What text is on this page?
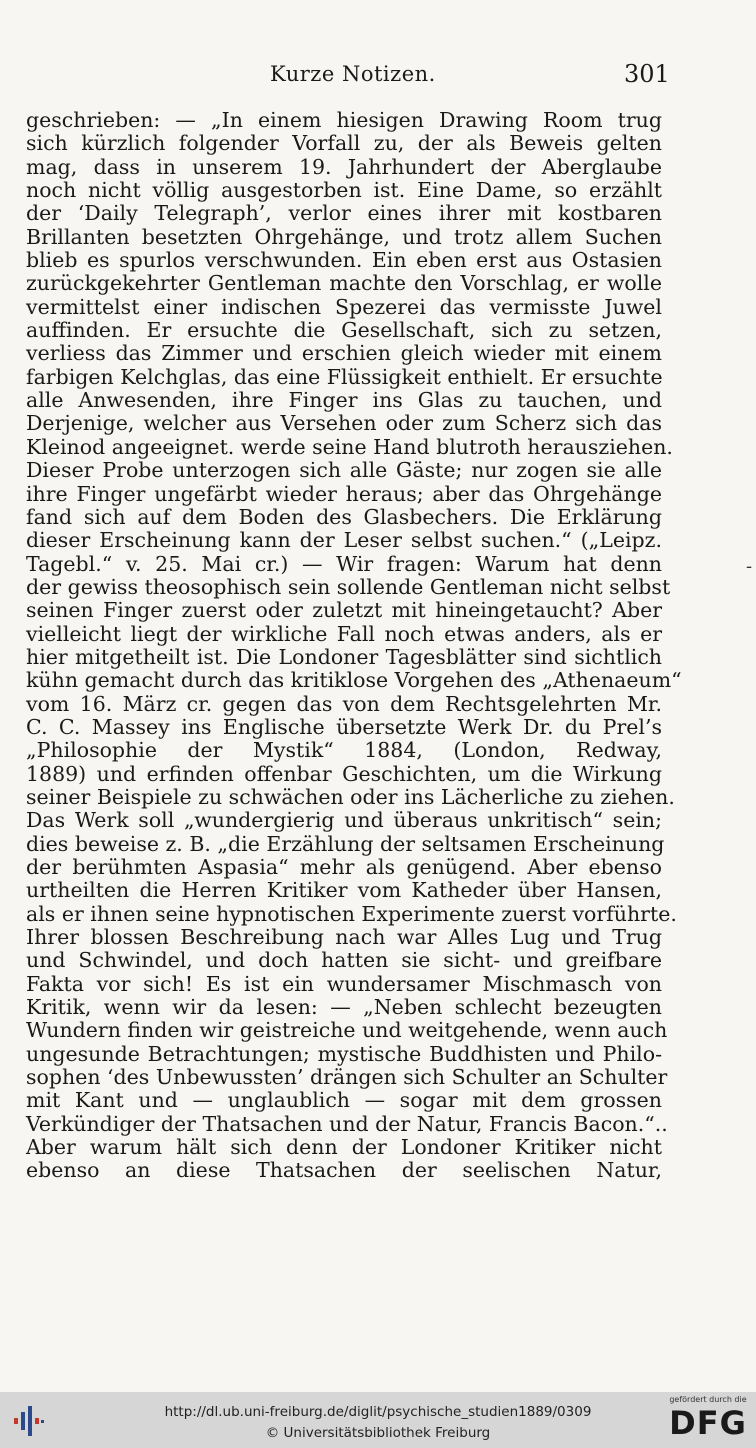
Kurze Notizen.	301
geschrieben: — „In einem hiesigen Drawing Room trug
sich kürzlich folgender Vorfall zu, der als Beweis gelten
mag, dass in unserem 19. Jahrhundert der Aberglaube
noch nicht völlig ausgestorben ist. Eine Dame, so erzählt
der ‘Daily Telegraph’, verlor eines ihrer mit kostbaren
Brillanten besetzten Ohrgehänge, und trotz allem Suchen
blieb es spurlos verschwunden. Ein eben erst aus Ostasien
zurückgekehrter Gentleman machte den Vorschlag, er wolle
vermittelst einer indischen Spezerei das vermisste Juwel
auffinden. Er ersuchte die Gesellschaft, sich zu setzen,
verliess das Zimmer und erschien gleich wieder mit einem
farbigen Kelchglas, das eine Flüssigkeit enthielt. Er ersuchte
alle Anwesenden, ihre Finger ins Glas zu tauchen, und
Derjenige, welcher aus Versehen oder zum Scherz sich das
Kleinod angeeignet. werde seine Hand blutroth herausziehen.
Dieser Probe unterzogen sich alle Gäste; nur zogen sie alle
ihre Finger ungefärbt wieder heraus; aber das Ohrgehänge
fand sich auf dem Boden des Glasbechers. Die Erklärung
dieser Erscheinung kann der Leser selbst suchen.“ („Leipz.
Tagebl.“ v. 25. Mai cr.) — Wir fragen: Warum hat denn
der gewiss theosophisch sein sollende Gentleman nicht selbst
seinen Finger zuerst oder zuletzt mit hineingetaucht? Aber
vielleicht liegt der wirkliche Fall noch etwas anders, als er
hier mitgetheilt ist. Die Londoner Tagesblätter sind sichtlich
kühn gemacht durch das kritiklose Vorgehen des „Athenaeum“
vom 16. März cr. gegen das von dem Rechtsgelehrten Mr.
C. C. Massey ins Englische übersetzte Werk Dr. du Prel’s
„Philosophie der Mystik“ 1884, (London, Redway,
1889) und erfinden offenbar Geschichten, um die Wirkung
seiner Beispiele zu schwächen oder ins Lächerliche zu ziehen.
Das Werk soll „wundergierig und überaus unkritisch“ sein;
dies beweise z. B. „die Erzählung der seltsamen Erscheinung
der berühmten Aspasia“ mehr als genügend. Aber ebenso
urtheilten die Herren Kritiker vom Katheder über Hansen,
als er ihnen seine hypnotischen Experimente zuerst vorführte.
Ihrer blossen Beschreibung nach war Alles Lug und Trug
und Schwindel, und doch hatten sie sicht- und greifbare
Fakta vor sich! Es ist ein wundersamer Mischmasch von
Kritik, wenn wir da lesen: — „Neben schlecht bezeugten
Wundern finden wir geistreiche und weitgehende, wenn auch
ungesunde Betrachtungen; mystische Buddhisten und Philo-
sophen ‘des Unbewussten’ drängen sich Schulter an Schulter
mit Kant und — unglaublich — sogar mit dem grossen
Verkündiger der Thatsachen und der Natur, Francis Bacon.“..
Aber warum hält sich denn der Londoner Kritiker nicht
ebenso an diese Thatsachen der seelischen Natur,
-
http://dl.ub.uni-freiburg.de/diglit/psychische_studien1889/0309
© Universitätsbibliothek Freiburg
gefördert durch die
DFG
